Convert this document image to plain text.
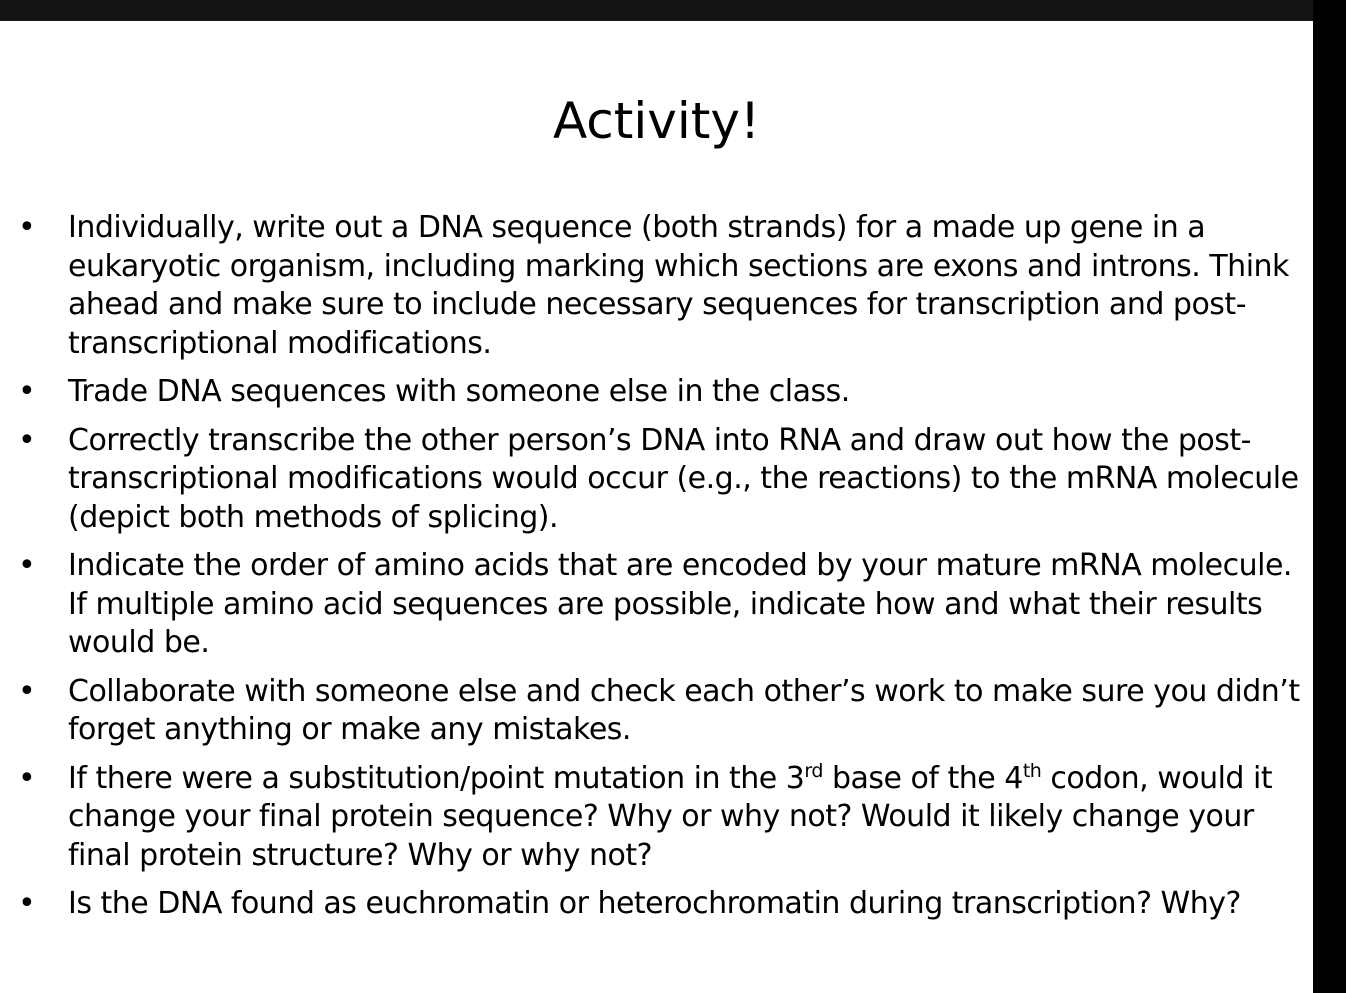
Activity!
• Individually, write out a DNA sequence (both strands) for a made up gene in a eukaryotic organism, including marking which sections are exons and introns. Think ahead and make sure to include necessary sequences for transcription and post-transcriptional modifications.
• Trade DNA sequences with someone else in the class.
• Correctly transcribe the other person’s DNA into RNA and draw out how the post-transcriptional modifications would occur (e.g., the reactions) to the mRNA molecule (depict both methods of splicing).
• Indicate the order of amino acids that are encoded by your mature mRNA molecule. If multiple amino acid sequences are possible, indicate how and what their results would be.
• Collaborate with someone else and check each other’s work to make sure you didn’t forget anything or make any mistakes.
• If there were a substitution/point mutation in the 3rd base of the 4th codon, would it change your final protein sequence? Why or why not? Would it likely change your final protein structure? Why or why not?
• Is the DNA found as euchromatin or heterochromatin during transcription? Why?
